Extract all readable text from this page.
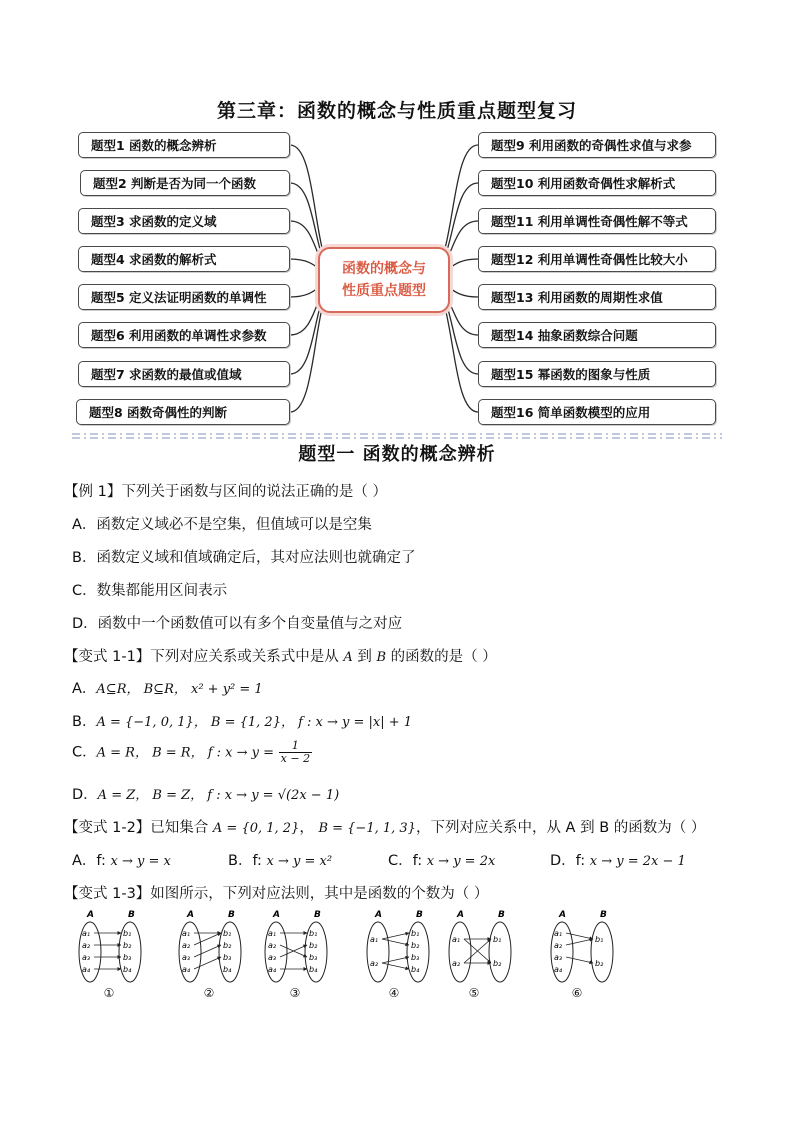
第三章：函数的概念与性质重点题型复习
题型1 函数的概念辨析
题型2 判断是否为同一个函数
题型3 求函数的定义域
题型4 求函数的解析式
题型5 定义法证明函数的单调性
题型6 利用函数的单调性求参数
题型7 求函数的最值或值域
题型8 函数奇偶性的判断
题型9 利用函数的奇偶性求值与求参
题型10 利用函数奇偶性求解析式
题型11 利用单调性奇偶性解不等式
题型12 利用单调性奇偶性比较大小
题型13 利用函数的周期性求值
题型14 抽象函数综合问题
题型15 幂函数的图象与性质
题型16 简单函数模型的应用
函数的概念与
性质重点题型
题型一 函数的概念辨析
【例 1】下列关于函数与区间的说法正确的是（ ）
A．函数定义域必不是空集，但值域可以是空集
B．函数定义域和值域确定后，其对应法则也就确定了
C．数集都能用区间表示
D．函数中一个函数值可以有多个自变量值与之对应
【变式 1-1】下列对应关系或关系式中是从 A 到 B 的函数的是（ ）
A．A⊆R， B⊆R， x² + y² = 1
B．A = {−1, 0, 1}， B = {1, 2}， f : x → y = |x| + 1
C．A = R， B = R， f : $x \to y = \frac{1}{x - 2}$
D．A = Z， B = Z， f : x → y = √(2x − 1)
【变式 1-2】已知集合 A = {0, 1, 2}， B = {−1, 1, 3}，下列对应关系中，从 A 到 B 的函数为（ ）
A．f: x → y = x	B．f: x → y = x²	C．f: x → y = 2x	D．f: x → y = 2x − 1
【变式 1-3】如图所示，下列对应法则，其中是函数的个数为（ ）
A	B
a₁
a₂
a₃
a₄
b₁
b₂
b₃
b₄
①
A	B
a₁
a₂
a₃
a₄
b₁
b₂
b₃
b₄
②
A	B
a₁
a₂
a₃
a₄
b₁
b₂
b₃
b₄
③
A	B
a₁
a₂
b₁
b₂
b₃
b₄
④
A	B
a₁
a₂
b₁
b₂
⑤
A	B
a₁
a₂
a₃
a₄
b₁
b₂
⑥
